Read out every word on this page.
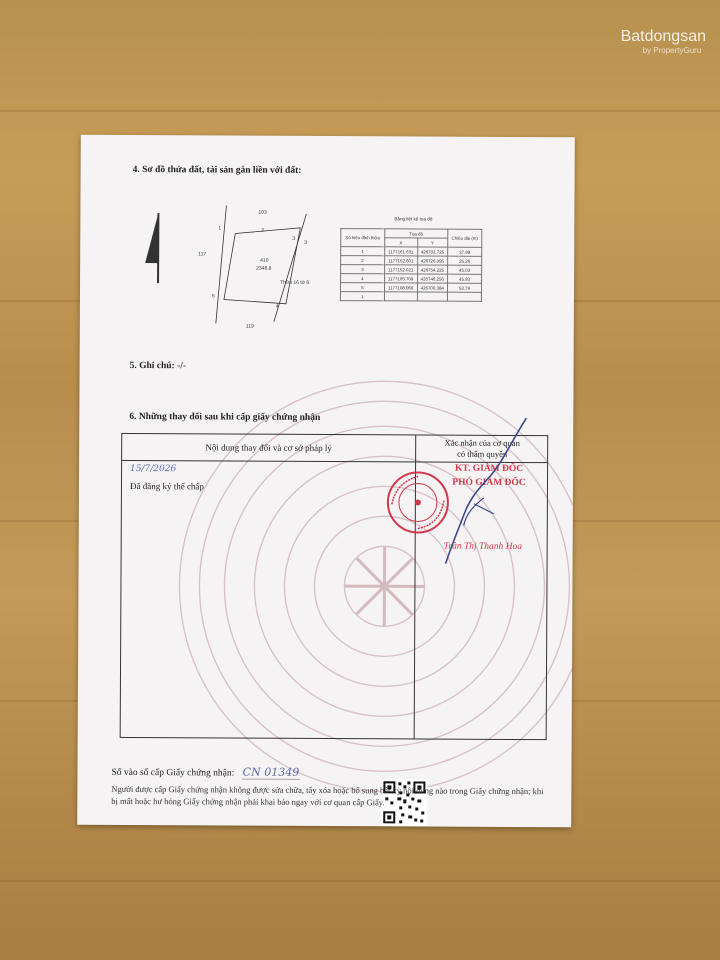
Batdongsan
by PropertyGuru
4. Sơ đồ thửa đất, tài sản gắn liền với đất:
B
103
117
3
119
410
2348.8
Thửa 16 tờ 6
1	2
3
4
5
Bảng liệt kê tọa độ
Số hiệu đỉnh thửa	Tọa độ		Chiều dài (m)
	X	Y	
1	1177161.631	426702.725	37.98
2	1177152.601	426726.095	25.26
3	1177152.021	426754.225	45.03
4	1177105.709	426746.256	45.93
5	1177108.066	426700.384	53.79
1			
5. Ghi chú: -/-
6. Những thay đổi sau khi cấp giấy chứng nhận
Nội dung thay đổi và cơ sở pháp lý	Xác nhận của cơ quan
có thẩm quyền
15/7/2026
Đã đăng ký thế chấp
KT. GIÁM ĐỐC
PHÓ GIÁM ĐỐC
Trần Thị Thanh Hoa
Số vào sổ cấp Giấy chứng nhận: CN 01349
Người được cấp Giấy chứng nhận không được sửa chữa, tẩy xóa hoặc bổ sung bất kỳ nội dung nào trong Giấy chứng nhận; khi bị mất hoặc hư hỏng Giấy chứng nhận phải khai báo ngay với cơ quan cấp Giấy.
